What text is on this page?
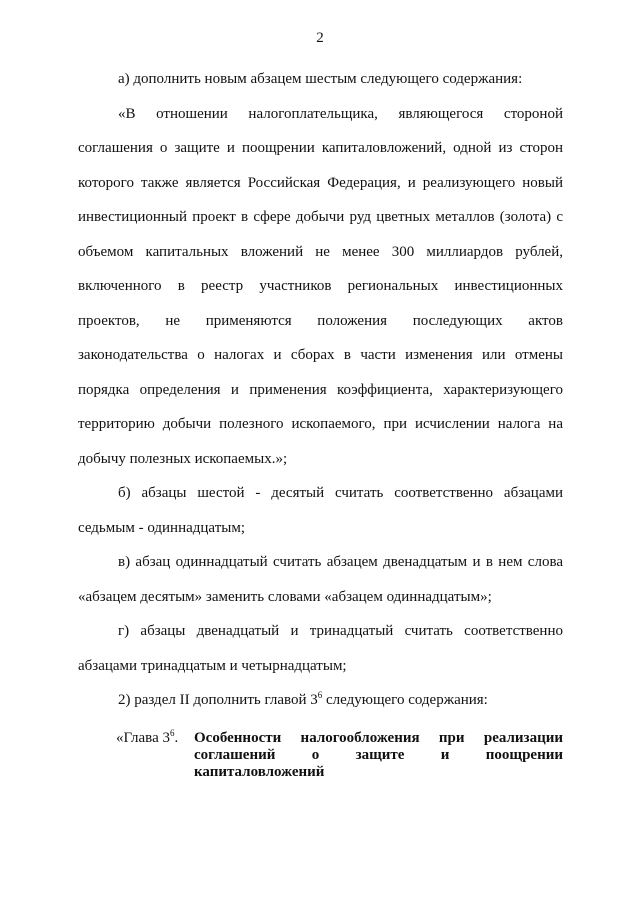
2

а) дополнить новым абзацем шестым следующего содержания:

«В отношении налогоплательщика, являющегося стороной соглашения о защите и поощрении капиталовложений, одной из сторон которого также является Российская Федерация, и реализующего новый инвестиционный проект в сфере добычи руд цветных металлов (золота) с объемом капитальных вложений не менее 300 миллиардов рублей, включенного в реестр участников региональных инвестиционных проектов, не применяются положения последующих актов законодательства о налогах и сборах в части изменения или отмены порядка определения и применения коэффициента, характеризующего территорию добычи полезного ископаемого, при исчислении налога на добычу полезных ископаемых.»;

б) абзацы шестой - десятый считать соответственно абзацами седьмым - одиннадцатым;

в) абзац одиннадцатый считать абзацем двенадцатым и в нем слова «абзацем десятым» заменить словами «абзацем одиннадцатым»;

г) абзацы двенадцатый и тринадцатый считать соответственно абзацами тринадцатым и четырнадцатым;

2) раздел II дополнить главой $3^6$ следующего содержания:

«Глава $3^6$.	Особенности налогообложения при реализации
соглашений о защите и поощрении
капиталовложений
